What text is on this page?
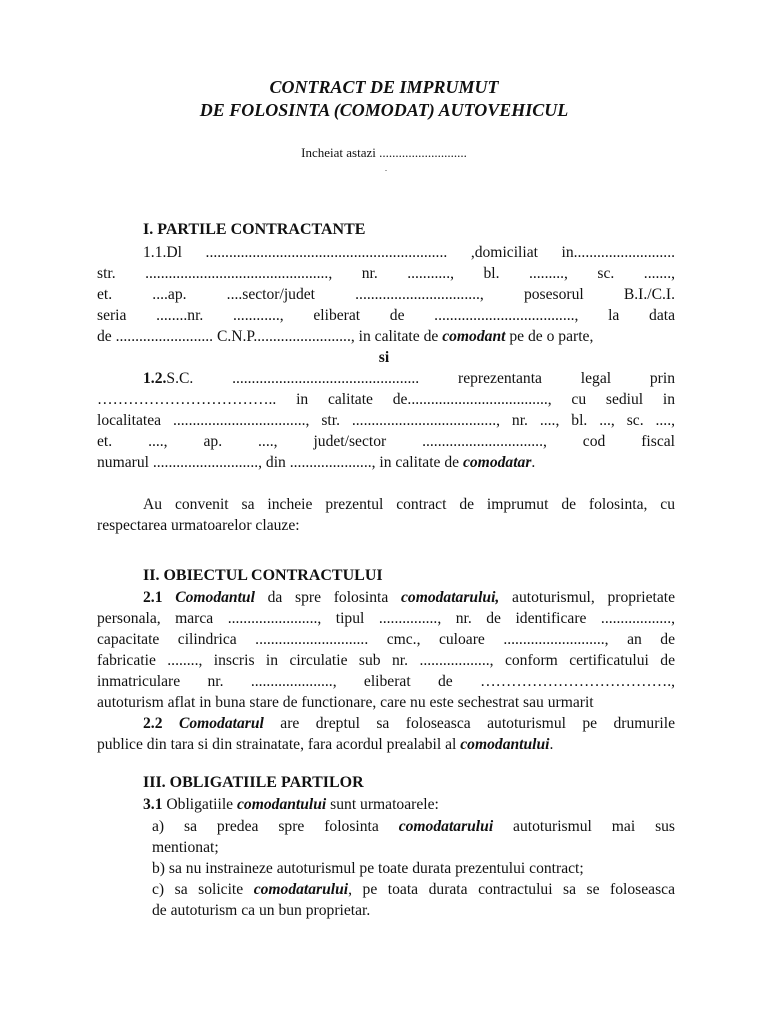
CONTRACT DE IMPRUMUT
DE FOLOSINTA (COMODAT) AUTOVEHICUL
Incheiat astazi ...........................
.
I. PARTILE CONTRACTANTE
1.1.Dl .............................................................. ,domiciliat in..........................
str. ..............................................., nr. ..........., bl. ........., sc. .......,
et. ....ap. ....sector/judet ................................, posesorul B.I./C.I.
seria ........nr. ............, eliberat de ...................................., la data
de ......................... C.N.P........................., in calitate de comodant pe de o parte,
si
1.2. S.C. ................................................ reprezentanta legal prin
…………………………….. in calitate de...................................., cu sediul in
localitatea .................................., str. ....................................., nr. ...., bl. ..., sc. ....,
et. ...., ap. ...., judet/sector ..............................., cod fiscal
numarul ..........................., din ....................., in calitate de comodatar.
Au convenit sa incheie prezentul contract de imprumut de folosinta, cu
respectarea urmatoarelor clauze:
II. OBIECTUL CONTRACTULUI
2.1 Comodantul da spre folosinta comodatarului, autoturismul, proprietate
personala, marca ......................., tipul ..............., nr. de identificare ..................,
capacitate cilindrica ............................. cmc., culoare .........................., an de
fabricatie ........, inscris in circulatie sub nr. .................., conform certificatului de
inmatriculare nr. ....................., eliberat de ……………………………….,
autoturism aflat in buna stare de functionare, care nu este sechestrat sau urmarit
2.2 Comodatarul are dreptul sa foloseasca autoturismul pe drumurile
publice din tara si din strainatate, fara acordul prealabil al comodantului.
III. OBLIGATIILE PARTILOR
3.1 Obligatiile comodantului sunt urmatoarele:
a) sa predea spre folosinta comodatarului autoturismul mai sus
mentionat;
b) sa nu instraineze autoturismul pe toate durata prezentului contract;
c) sa solicite comodatarului, pe toata durata contractului sa se foloseasca
de autoturism ca un bun proprietar.
